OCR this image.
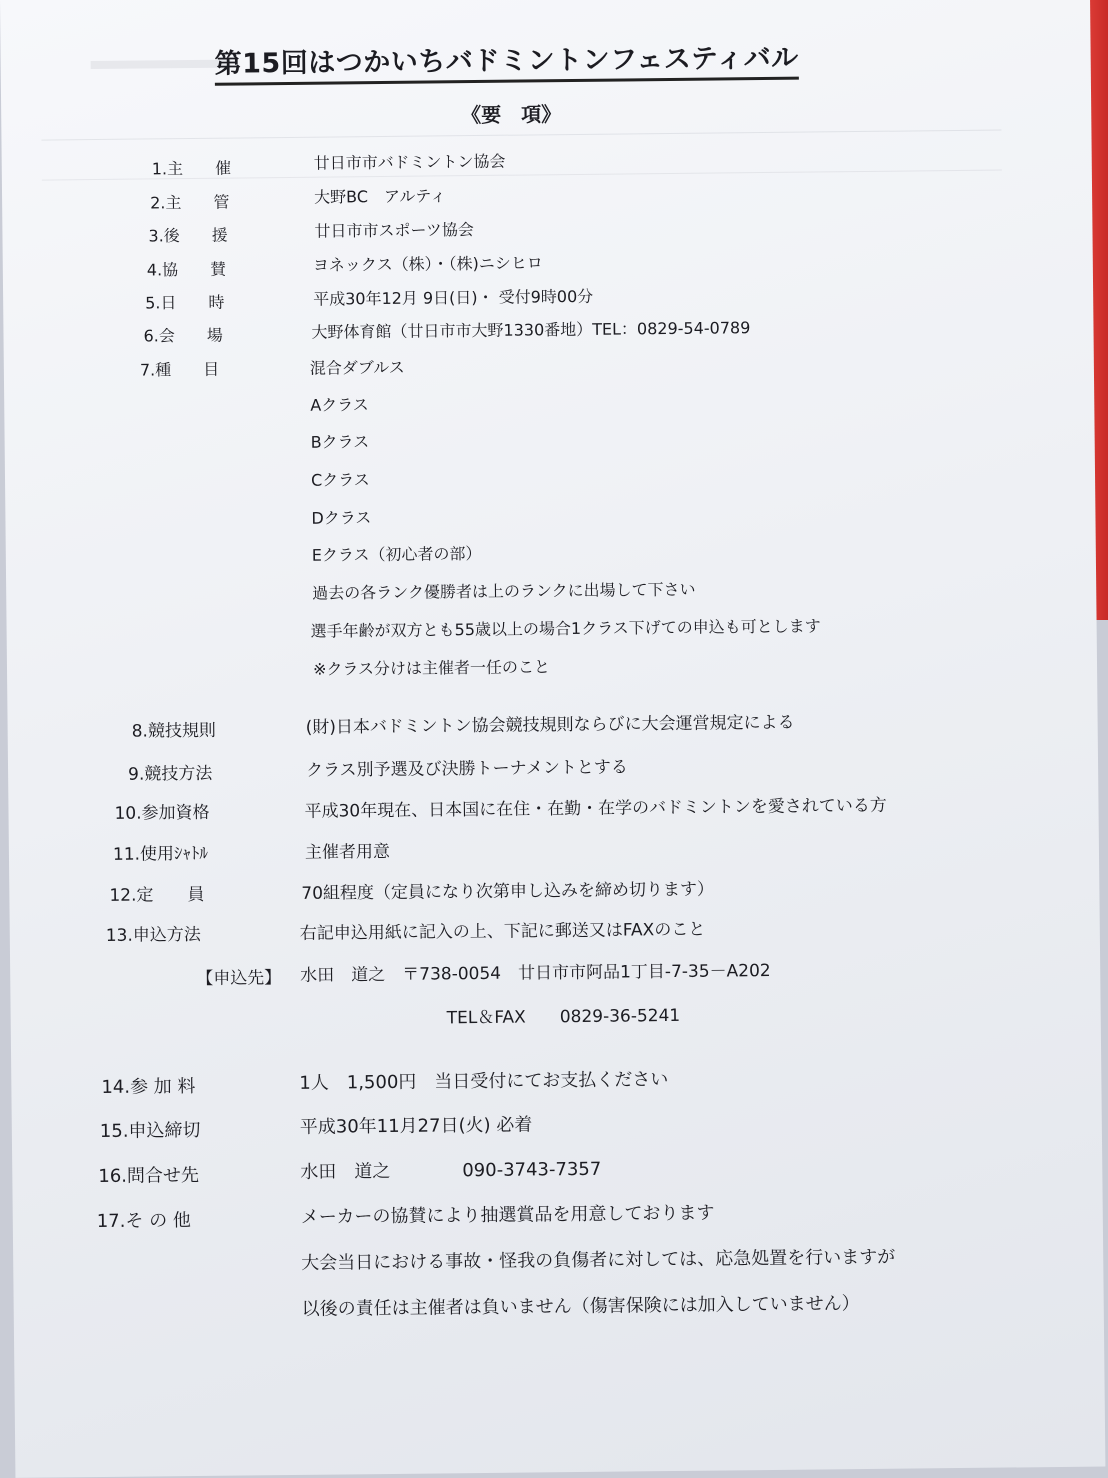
第15回はつかいちバドミントンフェスティバル
《要　項》
1.主　　催	廿日市市バドミントン協会
2.主　　管	大野BC　アルティ
3.後　　援	廿日市市スポーツ協会
4.協　　賛	ヨネックス（株）・（株)ニシヒロ
5.日　　時	平成30年12月 9日(日)・ 受付9時00分
6.会　　場	大野体育館（廿日市市大野1330番地）TEL：0829-54-0789
7.種　　目	混合ダブルス
Aクラス
Bクラス
Cクラス
Dクラス
Eクラス（初心者の部）
過去の各ランク優勝者は上のランクに出場して下さい
選手年齢が双方とも55歳以上の場合1クラス下げての申込も可とします
※クラス分けは主催者一任のこと
8.競技規則	(財)日本バドミントン協会競技規則ならびに大会運営規定による
9.競技方法	クラス別予選及び決勝トーナメントとする
10.参加資格	平成30年現在、日本国に在住・在勤・在学のバドミントンを愛されている方
11.使用ｼｬﾄﾙ	主催者用意
12.定　　員	70組程度（定員になり次第申し込みを締め切ります）
13.申込方法	右記申込用紙に記入の上、下記に郵送又はFAXのこと
【申込先】 水田　道之　〒738-0054　廿日市市阿品1丁目-7-35－A202
TEL＆FAX　　0829-36-5241
14.参 加 料	1人　1,500円　当日受付にてお支払ください
15.申込締切	平成30年11月27日(火) 必着
16.問合せ先	水田　道之　　　　090-3743-7357
17.そ の 他	メーカーの協賛により抽選賞品を用意しております
大会当日における事故・怪我の負傷者に対しては、応急処置を行いますが
以後の責任は主催者は負いません（傷害保険には加入していません）
